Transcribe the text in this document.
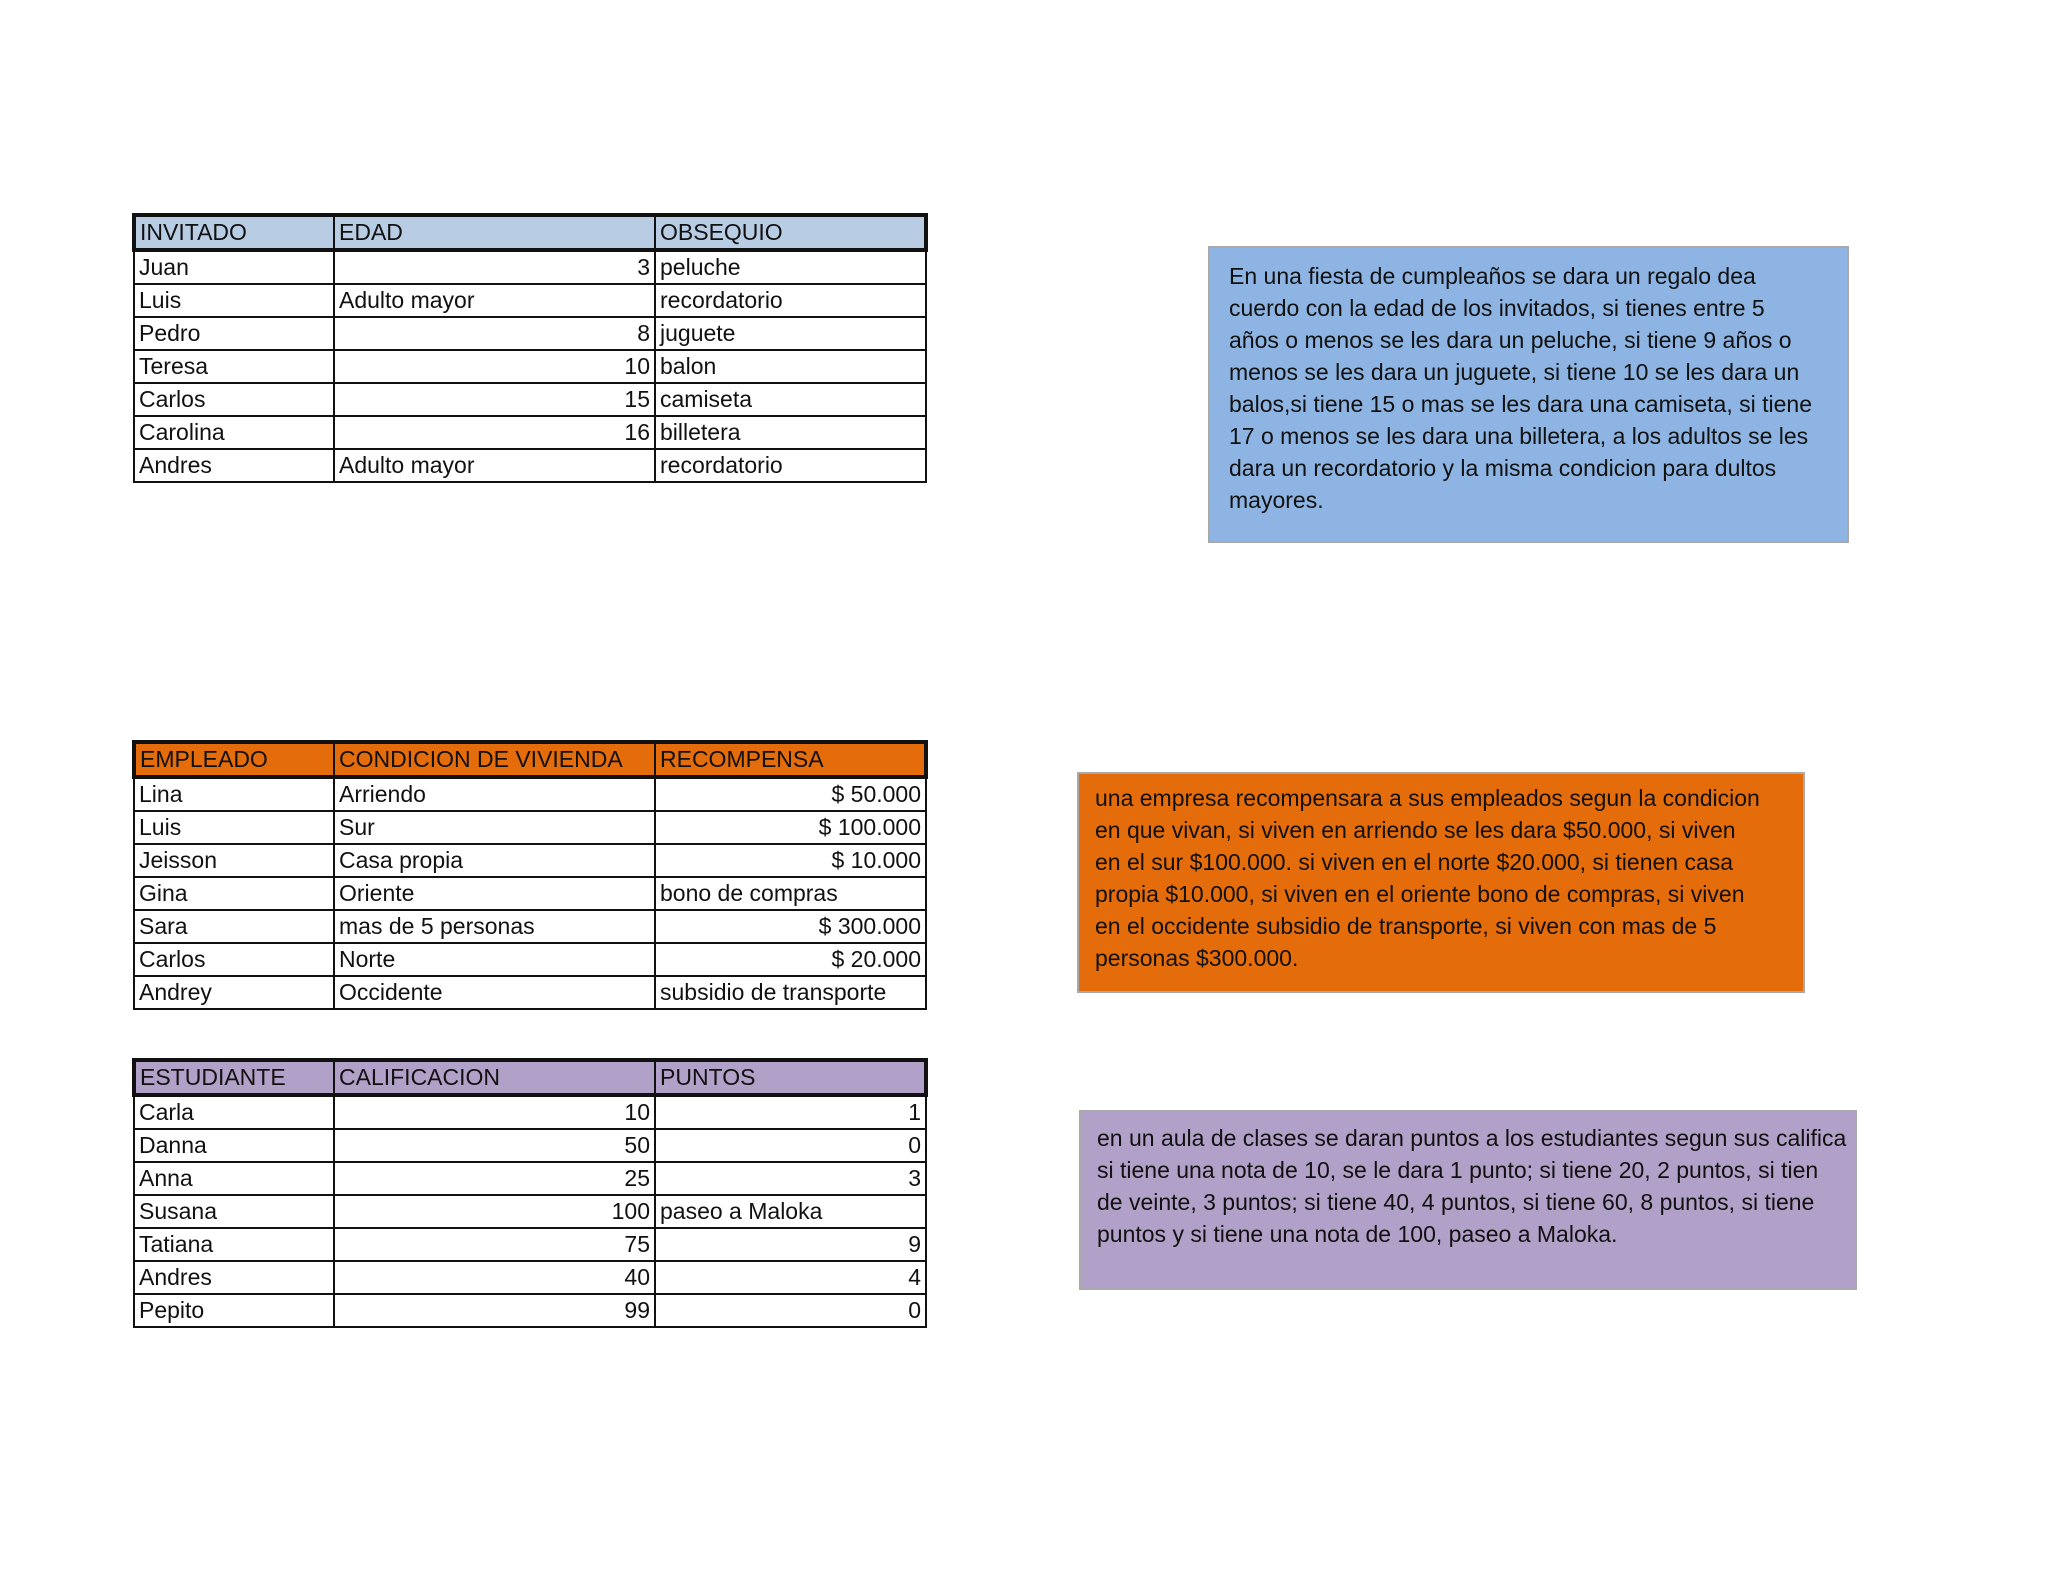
INVITADO	EDAD	OBSEQUIO
Juan	3	peluche
Luis	Adulto mayor	recordatorio
Pedro	8	juguete
Teresa	10	balon
Carlos	15	camiseta
Carolina	16	billetera
Andres	Adulto mayor	recordatorio

En una fiesta de cumpleaños se dara un regalo dea
cuerdo con la edad de los invitados, si tienes entre 5
años o menos se les dara un peluche, si tiene 9 años o
menos se les dara un juguete, si tiene 10 se les dara un
balos,si tiene 15 o mas se les dara una camiseta, si tiene
17 o menos se les dara una billetera, a los adultos se les
dara un recordatorio y la misma condicion para dultos
mayores.

EMPLEADO	CONDICION DE VIVIENDA	RECOMPENSA
Lina	Arriendo	$ 50.000
Luis	Sur	$ 100.000
Jeisson	Casa propia	$ 10.000
Gina	Oriente	bono de compras
Sara	mas de 5 personas	$ 300.000
Carlos	Norte	$ 20.000
Andrey	Occidente	subsidio de transporte

una empresa recompensara a sus empleados segun la condicion
en que vivan, si viven en arriendo se les dara $50.000, si viven
en el sur $100.000. si viven en el norte $20.000, si tienen casa
propia $10.000, si viven en el oriente bono de compras, si viven
en el occidente subsidio de transporte, si viven con mas de 5
personas $300.000.

ESTUDIANTE	CALIFICACION	PUNTOS
Carla	10	1
Danna	50	0
Anna	25	3
Susana	100	paseo a Maloka
Tatiana	75	9
Andres	40	4
Pepito	99	0

en un aula de clases se daran puntos a los estudiantes segun sus califica
si tiene una nota de 10, se le dara 1 punto; si tiene 20, 2 puntos, si tien
de veinte, 3 puntos; si tiene 40, 4 puntos, si tiene 60, 8 puntos, si tiene
puntos y si tiene una nota de 100, paseo a Maloka.
